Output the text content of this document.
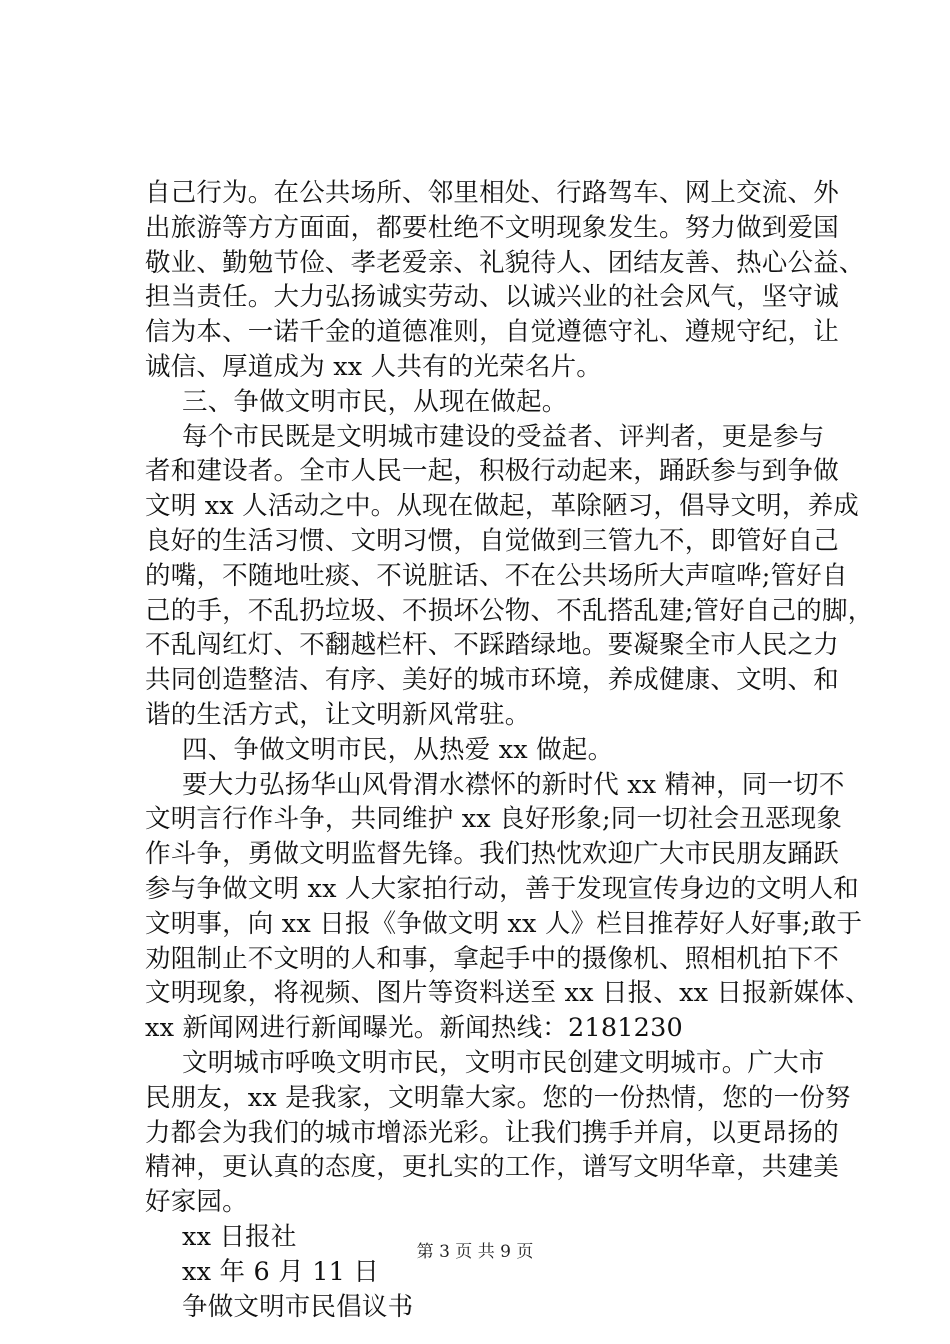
自己行为。在公共场所、邻里相处、行路驾车、网上交流、外
出旅游等方方面面，都要杜绝不文明现象发生。努力做到爱国
敬业、勤勉节俭、孝老爱亲、礼貌待人、团结友善、热心公益、
担当责任。大力弘扬诚实劳动、以诚兴业的社会风气，坚守诚
信为本、一诺千金的道德准则，自觉遵德守礼、遵规守纪，让
诚信、厚道成为 xx 人共有的光荣名片。
三、争做文明市民，从现在做起。
每个市民既是文明城市建设的受益者、评判者，更是参与
者和建设者。全市人民一起，积极行动起来，踊跃参与到争做
文明 xx 人活动之中。从现在做起，革除陋习，倡导文明，养成
良好的生活习惯、文明习惯，自觉做到三管九不，即管好自己
的嘴，不随地吐痰、不说脏话、不在公共场所大声喧哗;管好自
己的手，不乱扔垃圾、不损坏公物、不乱搭乱建;管好自己的脚，
不乱闯红灯、不翻越栏杆、不踩踏绿地。要凝聚全市人民之力
共同创造整洁、有序、美好的城市环境，养成健康、文明、和
谐的生活方式，让文明新风常驻。
四、争做文明市民，从热爱 xx 做起。
要大力弘扬华山风骨渭水襟怀的新时代 xx 精神，同一切不
文明言行作斗争，共同维护 xx 良好形象;同一切社会丑恶现象
作斗争，勇做文明监督先锋。我们热忱欢迎广大市民朋友踊跃
参与争做文明 xx 人大家拍行动，善于发现宣传身边的文明人和
文明事，向 xx 日报《争做文明 xx 人》栏目推荐好人好事;敢于
劝阻制止不文明的人和事，拿起手中的摄像机、照相机拍下不
文明现象，将视频、图片等资料送至 xx 日报、xx 日报新媒体、
xx 新闻网进行新闻曝光。新闻热线：2181230
文明城市呼唤文明市民，文明市民创建文明城市。广大市
民朋友，xx 是我家，文明靠大家。您的一份热情，您的一份努
力都会为我们的城市增添光彩。让我们携手并肩，以更昂扬的
精神，更认真的态度，更扎实的工作，谱写文明华章，共建美
好家园。
xx 日报社
xx 年 6 月 11 日
争做文明市民倡议书
第 3 页 共 9 页
